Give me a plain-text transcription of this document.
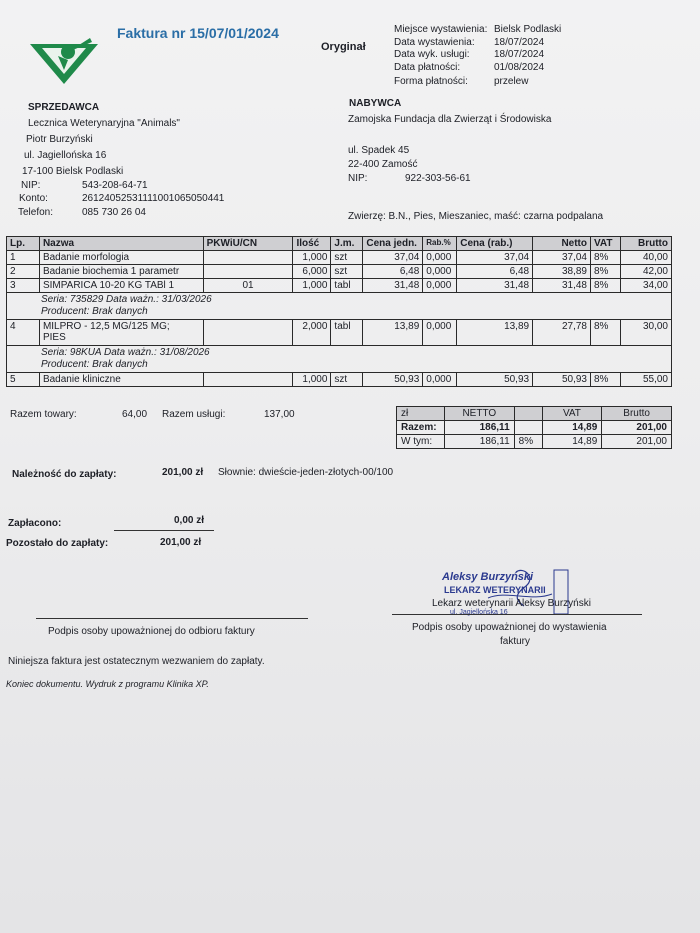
Faktura nr 15/07/01/2024
Oryginał
Miejsce wystawienia: Bielsk Podlaski
Data wystawienia: 18/07/2024
Data wyk. usługi: 18/07/2024
Data płatności:	01/08/2024
Forma płatności:	przelew
SPRZEDAWCA
Lecznica Weterynaryjna "Animals"
Piotr Burzyński
ul. Jagiellońska 16
17-100 Bielsk Podlaski
NIP:	543-208-64-71
Konto:	26124052531111001065050441
Telefon:	085 730 26 04
NABYWCA
Zamojska Fundacja dla Zwierząt i Środowiska
ul. Spadek 45
22-400 Zamość
NIP:	922-303-56-61
Zwierzę: B.N., Pies, Mieszaniec, maść: czarna podpalana
Lp.	Nazwa	PKWiU/CN	Ilość	J.m.	Cena jedn.	Rab.%	Cena (rab.)	Netto	VAT	Brutto
1	Badanie morfologia		1,000	szt	37,04	0,000	37,04	37,04	8%	40,00
2	Badanie biochemia 1 parametr		6,000	szt	6,48	0,000	6,48	38,89	8%	42,00
3	SIMPARICA 10-20 KG TABl 1	01	1,000	tabl	31,48	0,000	31,48	31,48	8%	34,00

Seria: 735829 Data ważn.: 31/03/2026
Producent: Brak danych										

4	MILPRO - 12,5 MG/125 MG;
PIES		2,000	tabl	13,89	0,000	13,89	27,78	8%	30,00

Seria: 98KUA Data ważn.: 31/08/2026
Producent: Brak danych										

5	Badanie kliniczne		1,000	szt	50,93	0,000	50,93	50,93	8%	55,00
Razem towary:	64,00 Razem usługi:	137,00	zł	NETTO		VAT	Brutto
Razem:	186,11		14,89	201,00
W tym:	186,11	8%	14,89	201,00
Należność do zapłaty:	201,00 zł Słownie: dwieście-jeden-złotych-00/100
Zapłacono:	0,00 zł
Pozostało do zapłaty:	201,00 zł
Podpis osoby upoważnionej do odbioru faktury
Aleksy Burzyński
LEKARZ WETERYNARII
Lekarz weterynarii Aleksy Burzyński
ul. Jagiellońska 16
Podpis osoby upoważnionej do wystawienia
faktury
Niniejsza faktura jest ostatecznym wezwaniem do zapłaty.
Koniec dokumentu. Wydruk z programu Klinika XP.
